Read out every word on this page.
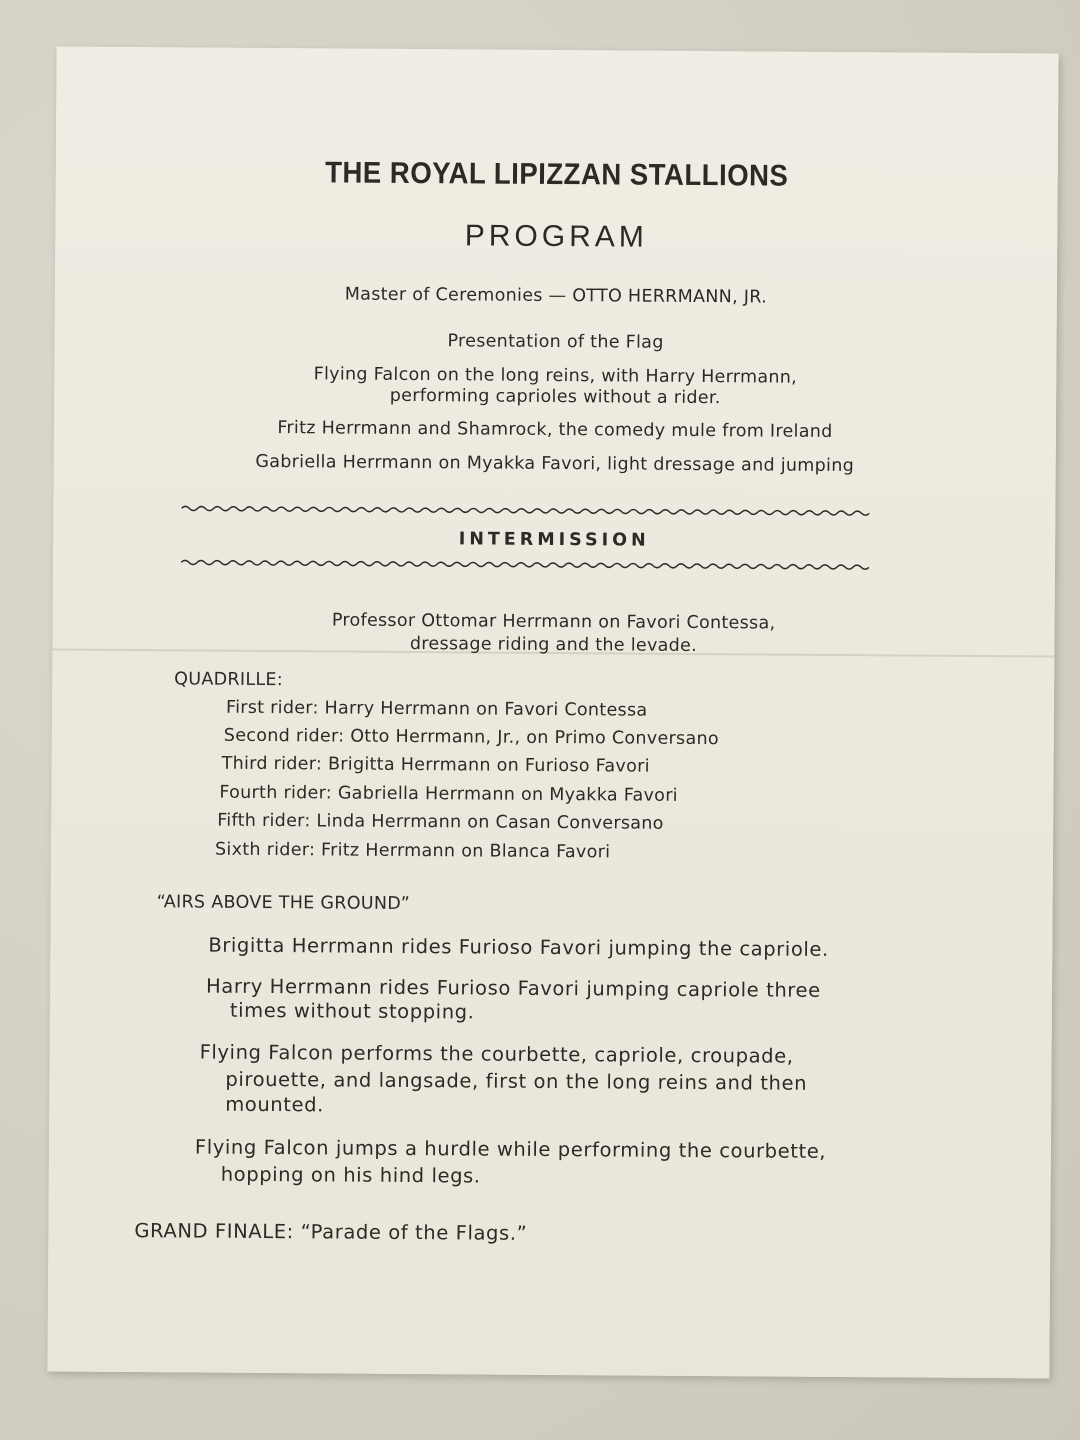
THE ROYAL LIPIZZAN STALLIONS
PROGRAM
Master of Ceremonies — OTTO HERRMANN, JR.
Presentation of the Flag
Flying Falcon on the long reins, with Harry Herrmann,
performing caprioles without a rider.
Fritz Herrmann and Shamrock, the comedy mule from Ireland
Gabriella Herrmann on Myakka Favori, light dressage and jumping
INTERMISSION
Professor Ottomar Herrmann on Favori Contessa,
dressage riding and the levade.
QUADRILLE:
First rider: Harry Herrmann on Favori Contessa
Second rider: Otto Herrmann, Jr., on Primo Conversano
Third rider: Brigitta Herrmann on Furioso Favori
Fourth rider: Gabriella Herrmann on Myakka Favori
Fifth rider: Linda Herrmann on Casan Conversano
Sixth rider: Fritz Herrmann on Blanca Favori
“AIRS ABOVE THE GROUND”
Brigitta Herrmann rides Furioso Favori jumping the capriole.
Harry Herrmann rides Furioso Favori jumping capriole three
times without stopping.
Flying Falcon performs the courbette, capriole, croupade,
pirouette, and langsade, first on the long reins and then
mounted.
Flying Falcon jumps a hurdle while performing the courbette,
hopping on his hind legs.
GRAND FINALE: “Parade of the Flags.”
